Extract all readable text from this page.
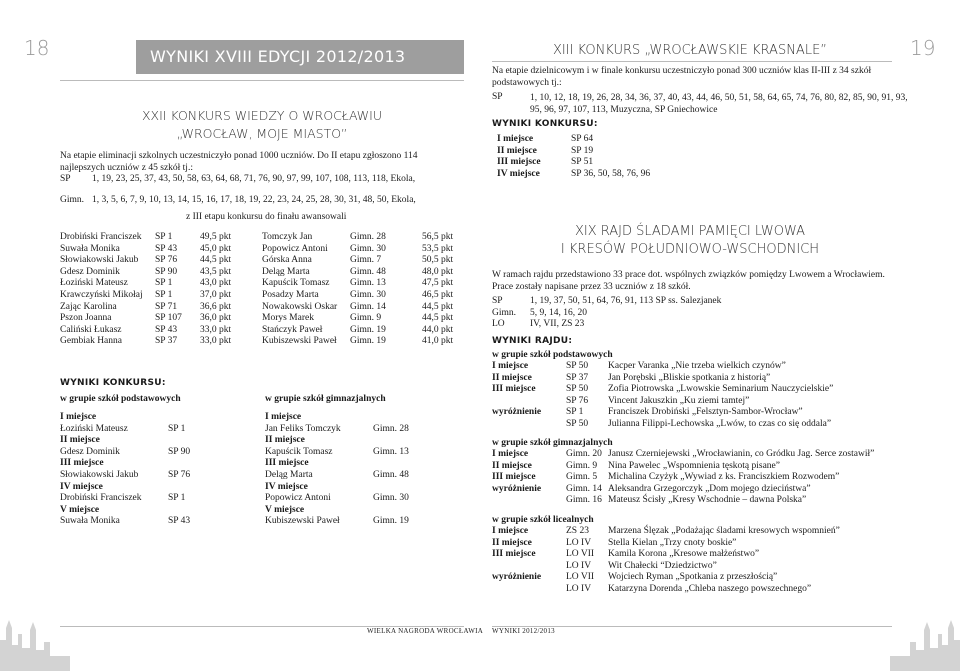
18	WYNIKI XVIII EDYCJI 2012/2013
XXII KONKURS WIEDZY O WROCŁAWIU
„WROCŁAW, MOJE MIASTO”
Na etapie eliminacji szkolnych uczestniczyło ponad 1000 uczniów. Do II etapu zgłoszono 114 najlepszych uczniów z 45 szkół tj.:
SP 1, 19, 23, 25, 37, 43, 50, 58, 63, 64, 68, 71, 76, 90, 97, 99, 107, 108, 113, 118, Ekola,
Gimn. 1, 3, 5, 6, 7, 9, 10, 13, 14, 15, 16, 17, 18, 19, 22, 23, 24, 25, 28, 30, 31, 48, 50, Ekola,
z III etapu konkursu do finału awansowali
Drobiński Franciszek SP 1	49,5 pkt
Suwała Monika	SP 43 45,0 pkt
Słowiakowski Jakub SP 76 44,5 pkt
Gdesz Dominik	SP 90 43,5 pkt
Łoziński Mateusz	SP 1	43,0 pkt
Krawczyński Mikołaj SP 1	37,0 pkt
Zając Karolina	SP 71 36,6 pkt
Pszon Joanna	SP 107 36,0 pkt
Caliński Łukasz	SP 43 33,0 pkt
Gembiak Hanna	SP 37 33,0 pkt
Tomczyk Jan	Gimn. 28	56,5 pkt
Popowicz Antoni Gimn. 30	53,5 pkt
Górska Anna	Gimn. 7	50,5 pkt
Deląg Marta	Gimn. 48	48,0 pkt
Kapuścik Tomasz Gimn. 13	47,5 pkt
Posadzy Marta	Gimn. 30	46,5 pkt
Nowakowski Oskar Gimn. 14	44,5 pkt
Morys Marek	Gimn. 9	44,5 pkt
Stańczyk Paweł	Gimn. 19	44,0 pkt
Kubiszewski Paweł Gimn. 19	41,0 pkt
WYNIKI KONKURSU:
w grupie szkół podstawowych	w grupie szkół gimnazjalnych
I miejsce
Łoziński Mateusz	SP 1
II miejsce
Gdesz Dominik	SP 90
III miejsce
Słowiakowski Jakub	SP 76
IV miejsce
Drobiński Franciszek	SP 1
V miejsce
Suwała Monika	SP 43
I miejsce
Jan Feliks Tomczyk	Gimn. 28
II miejsce
Kapuścik Tomasz	Gimn. 13
III miejsce
Deląg Marta	Gimn. 48
IV miejsce
Popowicz Antoni	Gimn. 30
V miejsce
Kubiszewski Paweł	Gimn. 19
WIELKA NAGRODA WROCŁAWIA
19
XIII KONKURS „WROCŁAWSKIE KRASNALE”
Na etapie dzielnicowym i w finale konkursu uczestniczyło ponad 300 uczniów klas II-III z 34 szkół podstawowych tj.:
SP	1, 10, 12, 18, 19, 26, 28, 34, 36, 37, 40, 43, 44, 46, 50, 51, 58, 64, 65, 74, 76, 80, 82, 85, 90, 91, 93, 95, 96, 97, 107, 113, Muzyczna, SP Gniechowice
WYNIKI KONKURSU:
I miejsce	SP 64
II miejsce	SP 19
III miejsce	SP 51
IV miejsce	SP 36, 50, 58, 76, 96
XIX RAJD ŚLADAMI PAMIĘCI LWOWA
I KRESÓW POŁUDNIOWO-WSCHODNICH
W ramach rajdu przedstawiono 33 prace dot. wspólnych związków pomiędzy Lwowem a Wrocławiem. Prace zostały napisane przez 33 uczniów z 18 szkół.
SP	1, 19, 37, 50, 51, 64, 76, 91, 113 SP ss. Salezjanek
Gimn. 5, 9, 14, 16, 20
LO	IV, VII, ZS 23
WYNIKI RAJDU:
w grupie szkół podstawowych
I miejsce	SP 50 Kacper Varanka „Nie trzeba wielkich czynów”
II miejsce	SP 37 Jan Porębski „Bliskie spotkania z historią”
III miejsce	SP 50 Zofia Piotrowska „Lwowskie Seminarium Nauczycielskie”
SP 76 Vincent Jakuszkin „Ku ziemi tamtej”
wyróżnienie	SP 1	Franciszek Drobiński „Felsztyn-Sambor-Wrocław”
SP 50 Julianna Filippi-Lechowska „Lwów, to czas co się oddala”
w grupie szkół gimnazjalnych
I miejsce	Gimn. 20 Janusz Czerniejewski „Wrocławianin, co Gródku Jag. Serce zostawił”
II miejsce	Gimn. 9 Nina Pawelec „Wspomnienia tęskotą pisane”
III miejsce	Gimn. 5 Michalina Czyżyk „Wywiad z ks. Franciszkiem Rozwodem”
wyróżnienie	Gimn. 14 Aleksandra Grzegorczyk „Dom mojego dzieciństwa”
Gimn. 16 Mateusz Ścisły „Kresy Wschodnie – dawna Polska”
w grupie szkół licealnych
I miejsce	ZS 23 Marzena Ślęzak „Podażając śladami kresowych wspomnień”
II miejsce	LO IV Stella Kielan „Trzy cnoty bosk​ie”
III miejsce	LO VII Kamila Korona „Kresowe małżeństwo”
LO IV Wit Chałecki “Dziedzictwo”
wyróżnienie	LO VII Wojciech Ryman „Spotkania z przeszłością”
LO IV Katarzyna Dorenda „Chleba naszego powszechnego”
WYNIKI 2012/2013
